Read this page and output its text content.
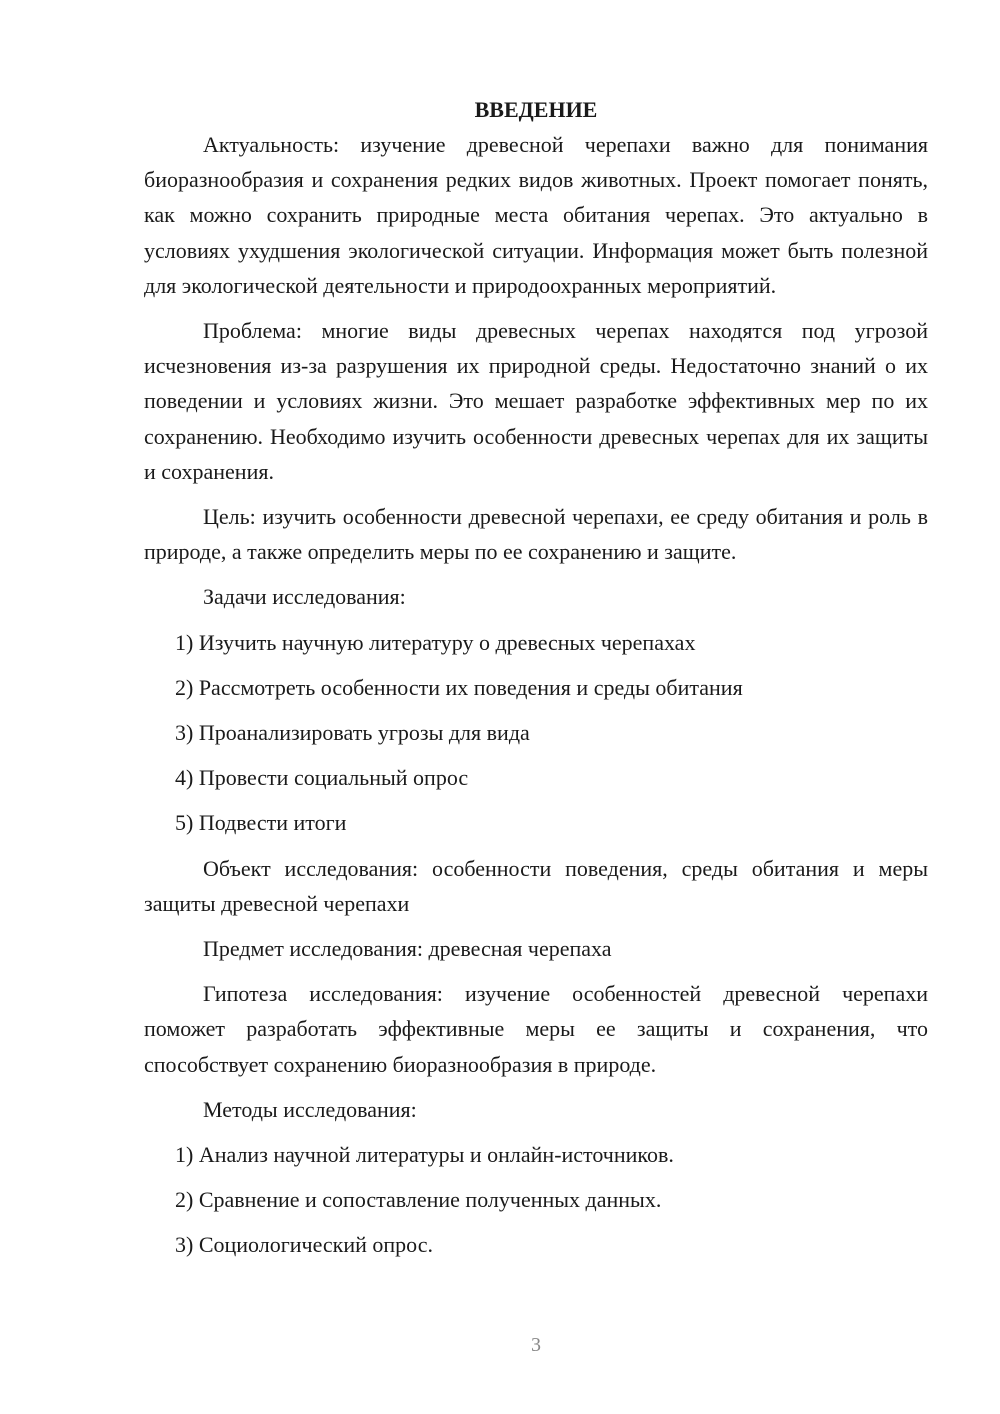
ВВЕДЕНИЕ

Актуальность: изучение древесной черепахи важно для понимания биоразнообразия и сохранения редких видов животных. Проект помогает понять, как можно сохранить природные места обитания черепах. Это актуально в условиях ухудшения экологической ситуации. Информация может быть полезной для экологической деятельности и природоохранных мероприятий.

Проблема: многие виды древесных черепах находятся под угрозой исчезновения из-за разрушения их природной среды. Недостаточно знаний о их поведении и условиях жизни. Это мешает разработке эффективных мер по их сохранению. Необходимо изучить особенности древесных черепах для их защиты и сохранения.

Цель: изучить особенности древесной черепахи, ее среду обитания и роль в природе, а также определить меры по ее сохранению и защите.

Задачи исследования:

1) Изучить научную литературу о древесных черепахах

2) Рассмотреть особенности их поведения и среды обитания

3) Проанализировать угрозы для вида

4) Провести социальный опрос

5) Подвести итоги

Объект исследования: особенности поведения, среды обитания и меры защиты древесной черепахи

Предмет исследования: древесная черепаха

Гипотеза исследования: изучение особенностей древесной черепахи поможет разработать эффективные меры ее защиты и сохранения, что способствует сохранению биоразнообразия в природе.

Методы исследования:

1) Анализ научной литературы и онлайн-источников.

2) Сравнение и сопоставление полученных данных.

3) Социологический опрос.

3
